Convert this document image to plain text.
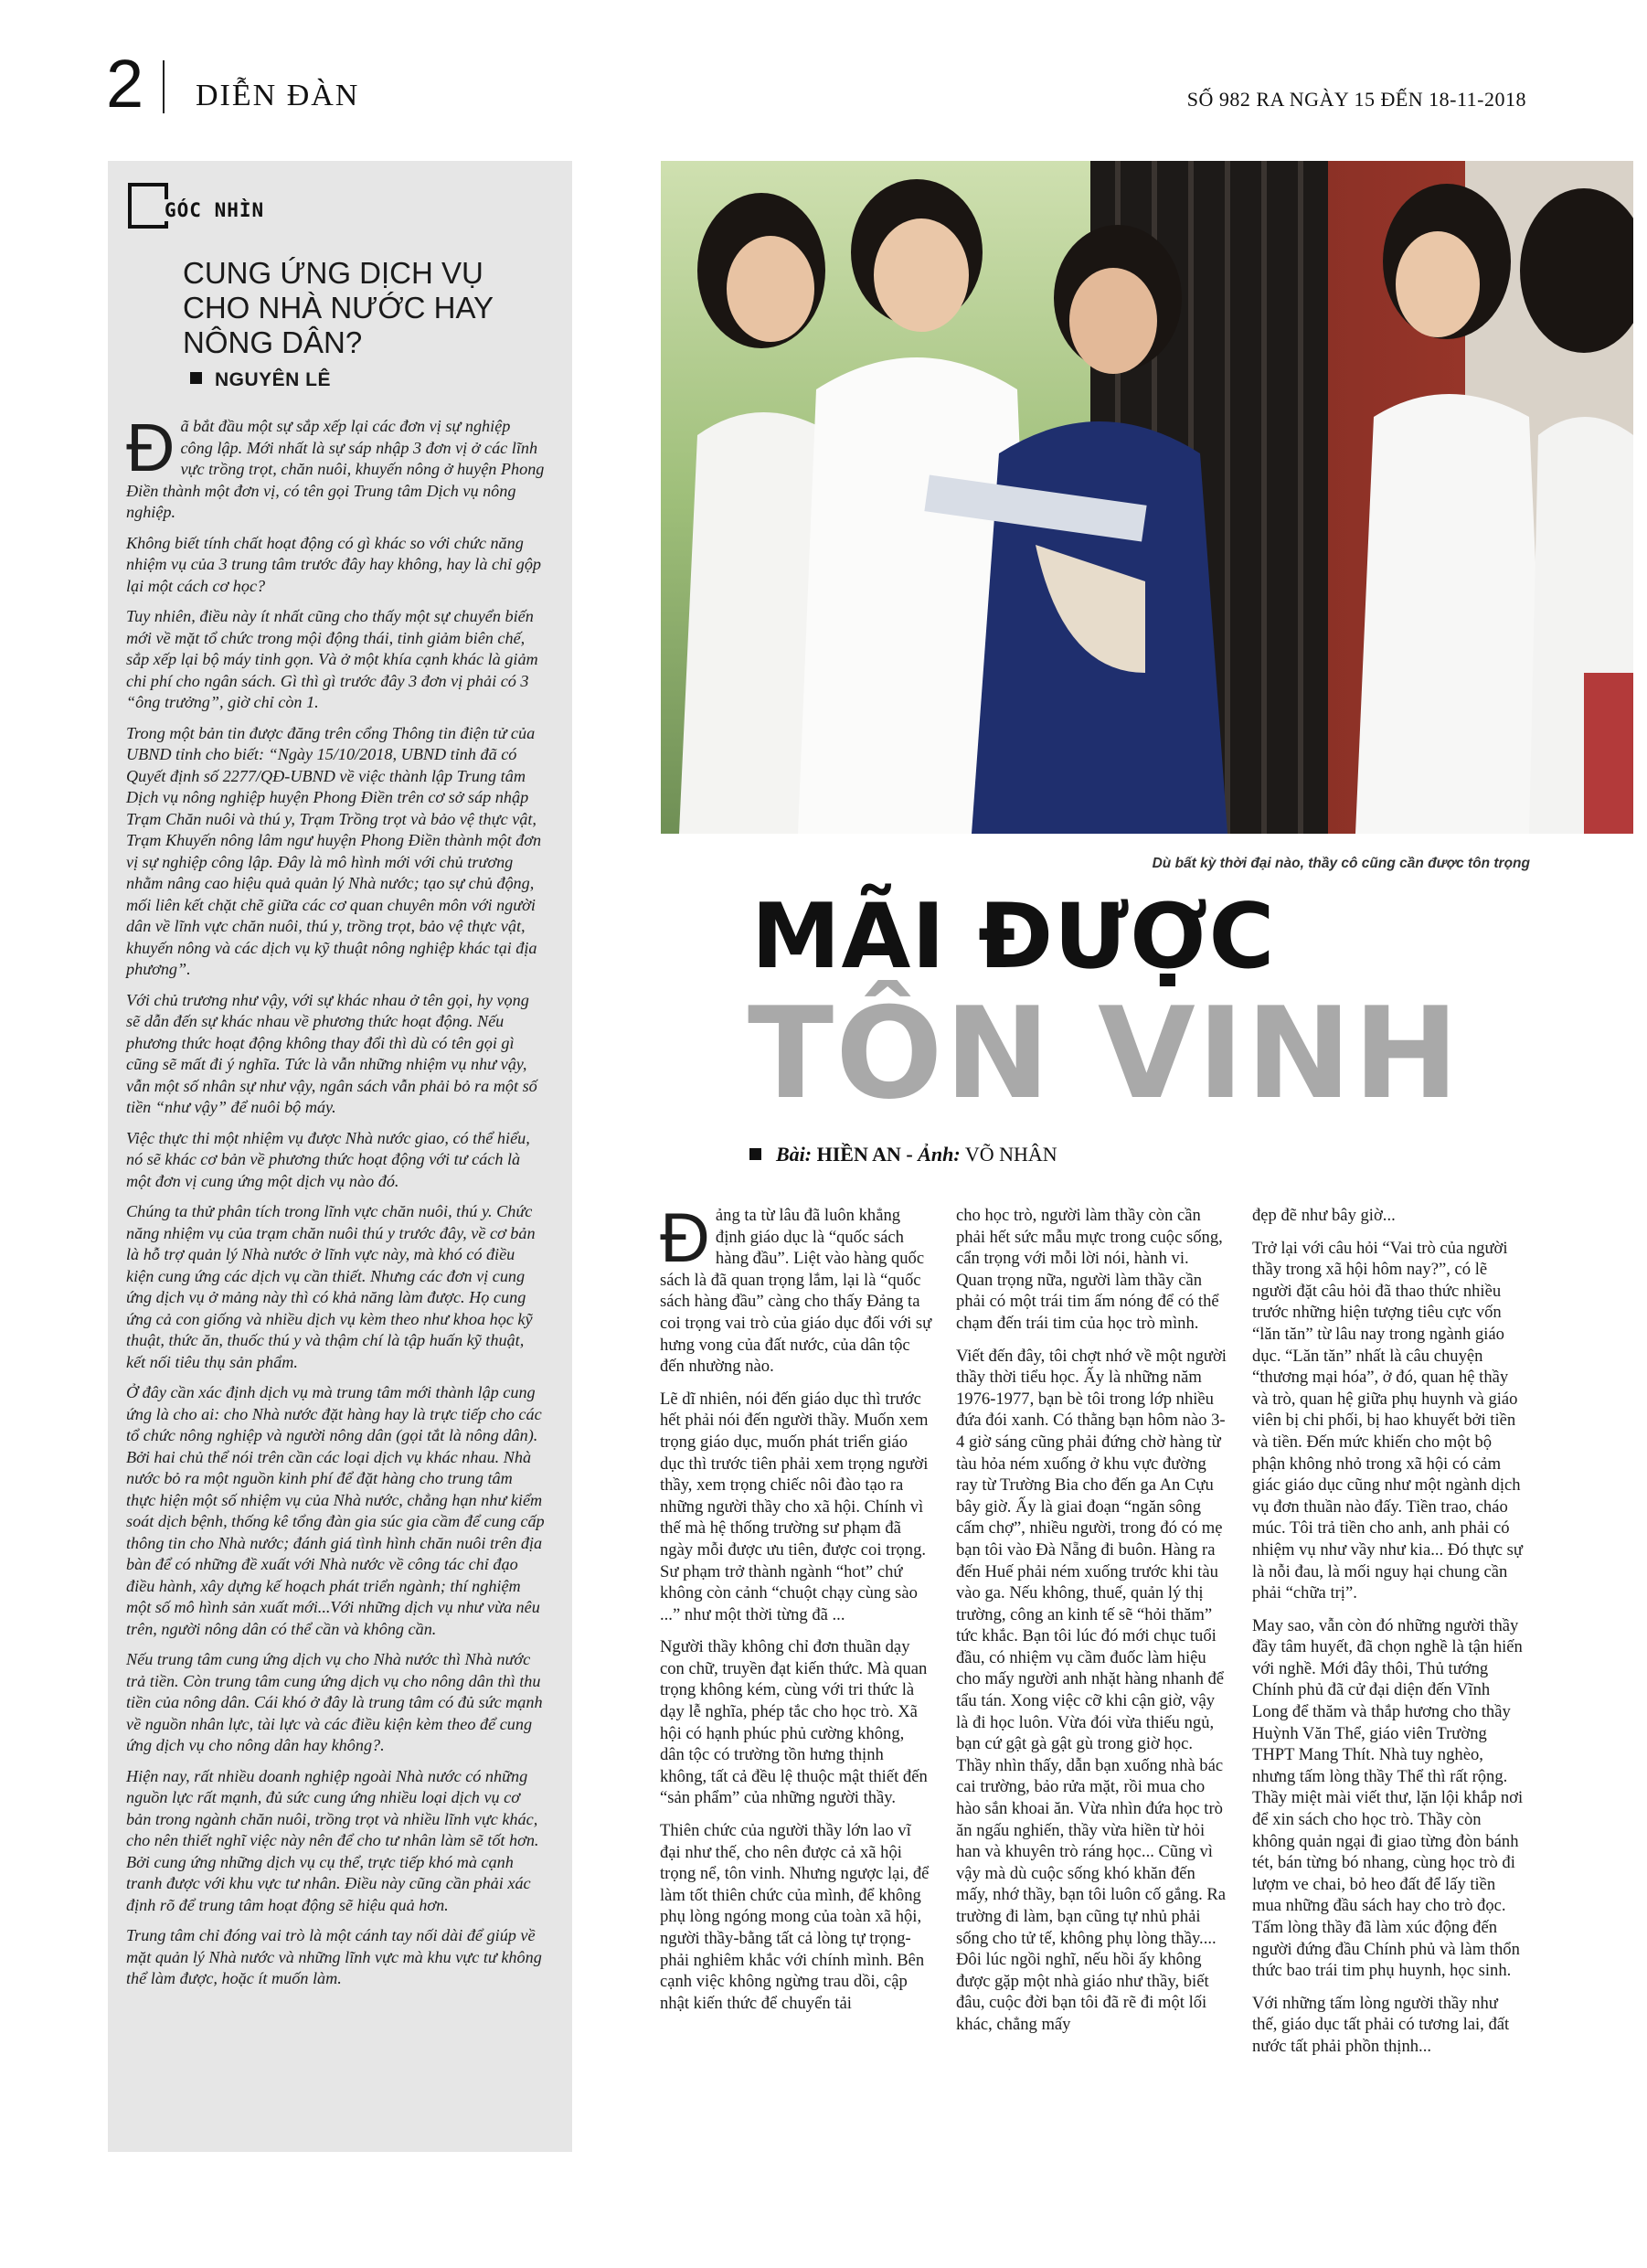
2 DIỄN ĐÀN	SỐ 982 RA NGÀY 15 ĐẾN 18-11-2018
GÓC NHÌN
CUNG ỨNG DỊCH VỤ CHO NHÀ NƯỚC HAY NÔNG DÂN?
NGUYÊN LÊ

Đã bắt đầu một sự sắp xếp lại các đơn vị sự nghiệp công lập. Mới nhất là sự sáp nhập 3 đơn vị ở các lĩnh vực trồng trọt, chăn nuôi, khuyến nông ở huyện Phong Điền thành một đơn vị, có tên gọi Trung tâm Dịch vụ nông nghiệp.

Không biết tính chất hoạt động có gì khác so với chức năng nhiệm vụ của 3 trung tâm trước đây hay không, hay là chỉ gộp lại một cách cơ học?

Tuy nhiên, điều này ít nhất cũng cho thấy một sự chuyển biến mới về mặt tổ chức trong mội động thái, tinh giảm biên chế, sắp xếp lại bộ máy tinh gọn. Và ở một khía cạnh khác là giảm chi phí cho ngân sách. Gì thì gì trước đây 3 đơn vị phải có 3 “ông trưởng”, giờ chỉ còn 1.

Trong một bản tin được đăng trên cổng Thông tin điện tử của UBND tỉnh cho biết: “Ngày 15/10/2018, UBND tỉnh đã có Quyết định số 2277/QĐ-UBND về việc thành lập Trung tâm Dịch vụ nông nghiệp huyện Phong Điền trên cơ sở sáp nhập Trạm Chăn nuôi và thú y, Trạm Trồng trọt và bảo vệ thực vật, Trạm Khuyến nông lâm ngư huyện Phong Điền thành một đơn vị sự nghiệp công lập. Đây là mô hình mới với chủ trương nhằm nâng cao hiệu quả quản lý Nhà nước; tạo sự chủ động, mối liên kết chặt chẽ giữa các cơ quan chuyên môn với người dân về lĩnh vực chăn nuôi, thú y, trồng trọt, bảo vệ thực vật, khuyến nông và các dịch vụ kỹ thuật nông nghiệp khác tại địa phương”.

Với chủ trương như vậy, với sự khác nhau ở tên gọi, hy vọng sẽ dẫn đến sự khác nhau về phương thức hoạt động. Nếu phương thức hoạt động không thay đổi thì dù có tên gọi gì cũng sẽ mất đi ý nghĩa. Tức là vẫn những nhiệm vụ như vậy, vẫn một số nhân sự như vậy, ngân sách vẫn phải bỏ ra một số tiền “như vậy” để nuôi bộ máy.

Việc thực thi một nhiệm vụ được Nhà nước giao, có thể hiểu, nó sẽ khác cơ bản về phương thức hoạt động với tư cách là một đơn vị cung ứng một dịch vụ nào đó.

Chúng ta thử phân tích trong lĩnh vực chăn nuôi, thú y. Chức năng nhiệm vụ của trạm chăn nuôi thú y trước đây, về cơ bản là hỗ trợ quản lý Nhà nước ở lĩnh vực này, mà khó có điều kiện cung ứng các dịch vụ cần thiết. Nhưng các đơn vị cung ứng dịch vụ ở mảng này thì có khả năng làm được. Họ cung ứng cả con giống và nhiều dịch vụ kèm theo như khoa học kỹ thuật, thức ăn, thuốc thú y và thậm chí là tập huấn kỹ thuật, kết nối tiêu thụ sản phẩm.

Ở đây cần xác định dịch vụ mà trung tâm mới thành lập cung ứng là cho ai: cho Nhà nước đặt hàng hay là trực tiếp cho các tổ chức nông nghiệp và người nông dân (gọi tắt là nông dân). Bởi hai chủ thể nói trên cần các loại dịch vụ khác nhau. Nhà nước bỏ ra một nguồn kinh phí để đặt hàng cho trung tâm thực hiện một số nhiệm vụ của Nhà nước, chẳng hạn như kiểm soát dịch bệnh, thống kê tổng đàn gia súc gia cầm để cung cấp thông tin cho Nhà nước; đánh giá tình hình chăn nuôi trên địa bàn để có những đề xuất với Nhà nước về công tác chỉ đạo điều hành, xây dựng kế hoạch phát triển ngành; thí nghiệm một số mô hình sản xuất mới...Với những dịch vụ như vừa nêu trên, người nông dân có thể cần và không cần.

Nếu trung tâm cung ứng dịch vụ cho Nhà nước thì Nhà nước trả tiền. Còn trung tâm cung ứng dịch vụ cho nông dân thì thu tiền của nông dân. Cái khó ở đây là trung tâm có đủ sức mạnh về nguồn nhân lực, tài lực và các điều kiện kèm theo để cung ứng dịch vụ cho nông dân hay không?.

Hiện nay, rất nhiều doanh nghiệp ngoài Nhà nước có những nguồn lực rất mạnh, đủ sức cung ứng nhiều loại dịch vụ cơ bản trong ngành chăn nuôi, trồng trọt và nhiều lĩnh vực khác, cho nên thiết nghĩ việc này nên để cho tư nhân làm sẽ tốt hơn. Bởi cung ứng những dịch vụ cụ thể, trực tiếp khó mà cạnh tranh được với khu vực tư nhân. Điều này cũng cần phải xác định rõ để trung tâm hoạt động sẽ hiệu quả hơn.

Trung tâm chỉ đóng vai trò là một cánh tay nối dài để giúp về mặt quản lý Nhà nước và những lĩnh vực mà khu vực tư không thể làm được, hoặc ít muốn làm.

Dù bất kỳ thời đại nào, thầy cô cũng cần được tôn trọng
MÃI ĐƯỢC
TÔN VINH
Bài: HIỀN AN - Ảnh: VÕ NHÂN

Đảng ta từ lâu đã luôn khẳng định giáo dục là “quốc sách hàng đầu”. Liệt vào hàng quốc sách là đã quan trọng lắm, lại là “quốc sách hàng đầu” càng cho thấy Đảng ta coi trọng vai trò của giáo dục đối với sự hưng vong của đất nước, của dân tộc đến nhường nào.

Lẽ dĩ nhiên, nói đến giáo dục thì trước hết phải nói đến người thầy. Muốn xem trọng giáo dục, muốn phát triển giáo dục thì trước tiên phải xem trọng người thầy, xem trọng chiếc nôi đào tạo ra những người thầy cho xã hội. Chính vì thế mà hệ thống trường sư phạm đã ngày mỗi được ưu tiên, được coi trọng. Sư phạm trở thành ngành “hot” chứ không còn cảnh “chuột chạy cùng sào ...” như một thời từng đã ...

Người thầy không chỉ đơn thuần dạy con chữ, truyền đạt kiến thức. Mà quan trọng không kém, cùng với tri thức là dạy lễ nghĩa, phép tắc cho học trò. Xã hội có hạnh phúc phủ cường không, dân tộc có trường tồn hưng thịnh không, tất cả đều lệ thuộc mật thiết đến “sản phẩm” của những người thầy.

Thiên chức của người thầy lớn lao vĩ đại như thế, cho nên được cả xã hội trọng nể, tôn vinh. Nhưng ngược lại, để làm tốt thiên chức của mình, để không phụ lòng ngóng mong của toàn xã hội, người thầy-bằng tất cả lòng tự trọng- phải nghiêm khắc với chính mình. Bên cạnh việc không ngừng trau dồi, cập nhật kiến thức để chuyển tải

cho học trò, người làm thầy còn cần phải hết sức mẫu mực trong cuộc sống, cẩn trọng với mỗi lời nói, hành vi. Quan trọng nữa, người làm thầy cần phải có một trái tim ấm nóng để có thể chạm đến trái tim của học trò mình.

Viết đến đây, tôi chợt nhớ về một người thầy thời tiểu học. Ấy là những năm 1976-1977, bạn bè tôi trong lớp nhiều đứa đói xanh. Có thằng bạn hôm nào 3-4 giờ sáng cũng phải đứng chờ hàng từ tàu hỏa ném xuống ở khu vực đường ray từ Trường Bia cho đến ga An Cựu bây giờ. Ấy là giai đoạn “ngăn sông cấm chợ”, nhiều người, trong đó có mẹ bạn tôi vào Đà Nẵng đi buôn. Hàng ra đến Huế phải ném xuống trước khi tàu vào ga. Nếu không, thuế, quản lý thị trường, công an kinh tế sẽ “hỏi thăm” tức khắc. Bạn tôi lúc đó mới chục tuổi đầu, có nhiệm vụ cầm đuốc làm hiệu cho mấy người anh nhặt hàng nhanh để tẩu tán. Xong việc cỡ khi cận giờ, vậy là đi học luôn. Vừa đói vừa thiếu ngủ, bạn cứ gật gà gật gù trong giờ học. Thầy nhìn thấy, dẫn bạn xuống nhà bác cai trường, bảo rửa mặt, rồi mua cho hào sắn khoai ăn. Vừa nhìn đứa học trò ăn ngấu nghiến, thầy vừa hiền từ hỏi han và khuyên trò ráng học... Cũng vì vậy mà dù cuộc sống khó khăn đến mấy, nhớ thầy, bạn tôi luôn cố gắng. Ra trường đi làm, bạn cũng tự nhủ phải sống cho tử tế, không phụ lòng thầy.... Đôi lúc ngồi nghĩ, nếu hồi ấy không được gặp một nhà giáo như thầy, biết đâu, cuộc đời bạn tôi đã rẽ đi một lối khác, chẳng mấy

đẹp đẽ như bây giờ...

Trở lại với câu hỏi “Vai trò của người thầy trong xã hội hôm nay?”, có lẽ người đặt câu hỏi đã thao thức nhiều trước những hiện tượng tiêu cực vốn “lăn tăn” từ lâu nay trong ngành giáo dục. “Lăn tăn” nhất là câu chuyện “thương mại hóa”, ở đó, quan hệ thầy và trò, quan hệ giữa phụ huynh và giáo viên bị chi phối, bị hao khuyết bởi tiền và tiền. Đến mức khiến cho một bộ phận không nhỏ trong xã hội có cảm giác giáo dục cũng như một ngành dịch vụ đơn thuần nào đấy. Tiền trao, cháo múc. Tôi trả tiền cho anh, anh phải có nhiệm vụ như vầy như kia... Đó thực sự là nỗi đau, là mối nguy hại chung cần phải “chữa trị”.

May sao, vẫn còn đó những người thầy đầy tâm huyết, đã chọn nghề là tận hiến với nghề. Mới đây thôi, Thủ tướng Chính phủ đã cử đại diện đến Vĩnh Long để thăm và thắp hương cho thầy Huỳnh Văn Thể, giáo viên Trường THPT Mang Thít. Nhà tuy nghèo, nhưng tấm lòng thầy Thể thì rất rộng. Thầy miệt mài viết thư, lặn lội khắp nơi để xin sách cho học trò. Thầy còn không quản ngại đi giao từng đòn bánh tét, bán từng bó nhang, cùng học trò đi lượm ve chai, bỏ heo đất để lấy tiền mua những đầu sách hay cho trò đọc. Tấm lòng thầy đã làm xúc động đến người đứng đầu Chính phủ và làm thổn thức bao trái tim phụ huynh, học sinh.

Với những tấm lòng người thầy như thế, giáo dục tất phải có tương lai, đất nước tất phải phồn thịnh...
